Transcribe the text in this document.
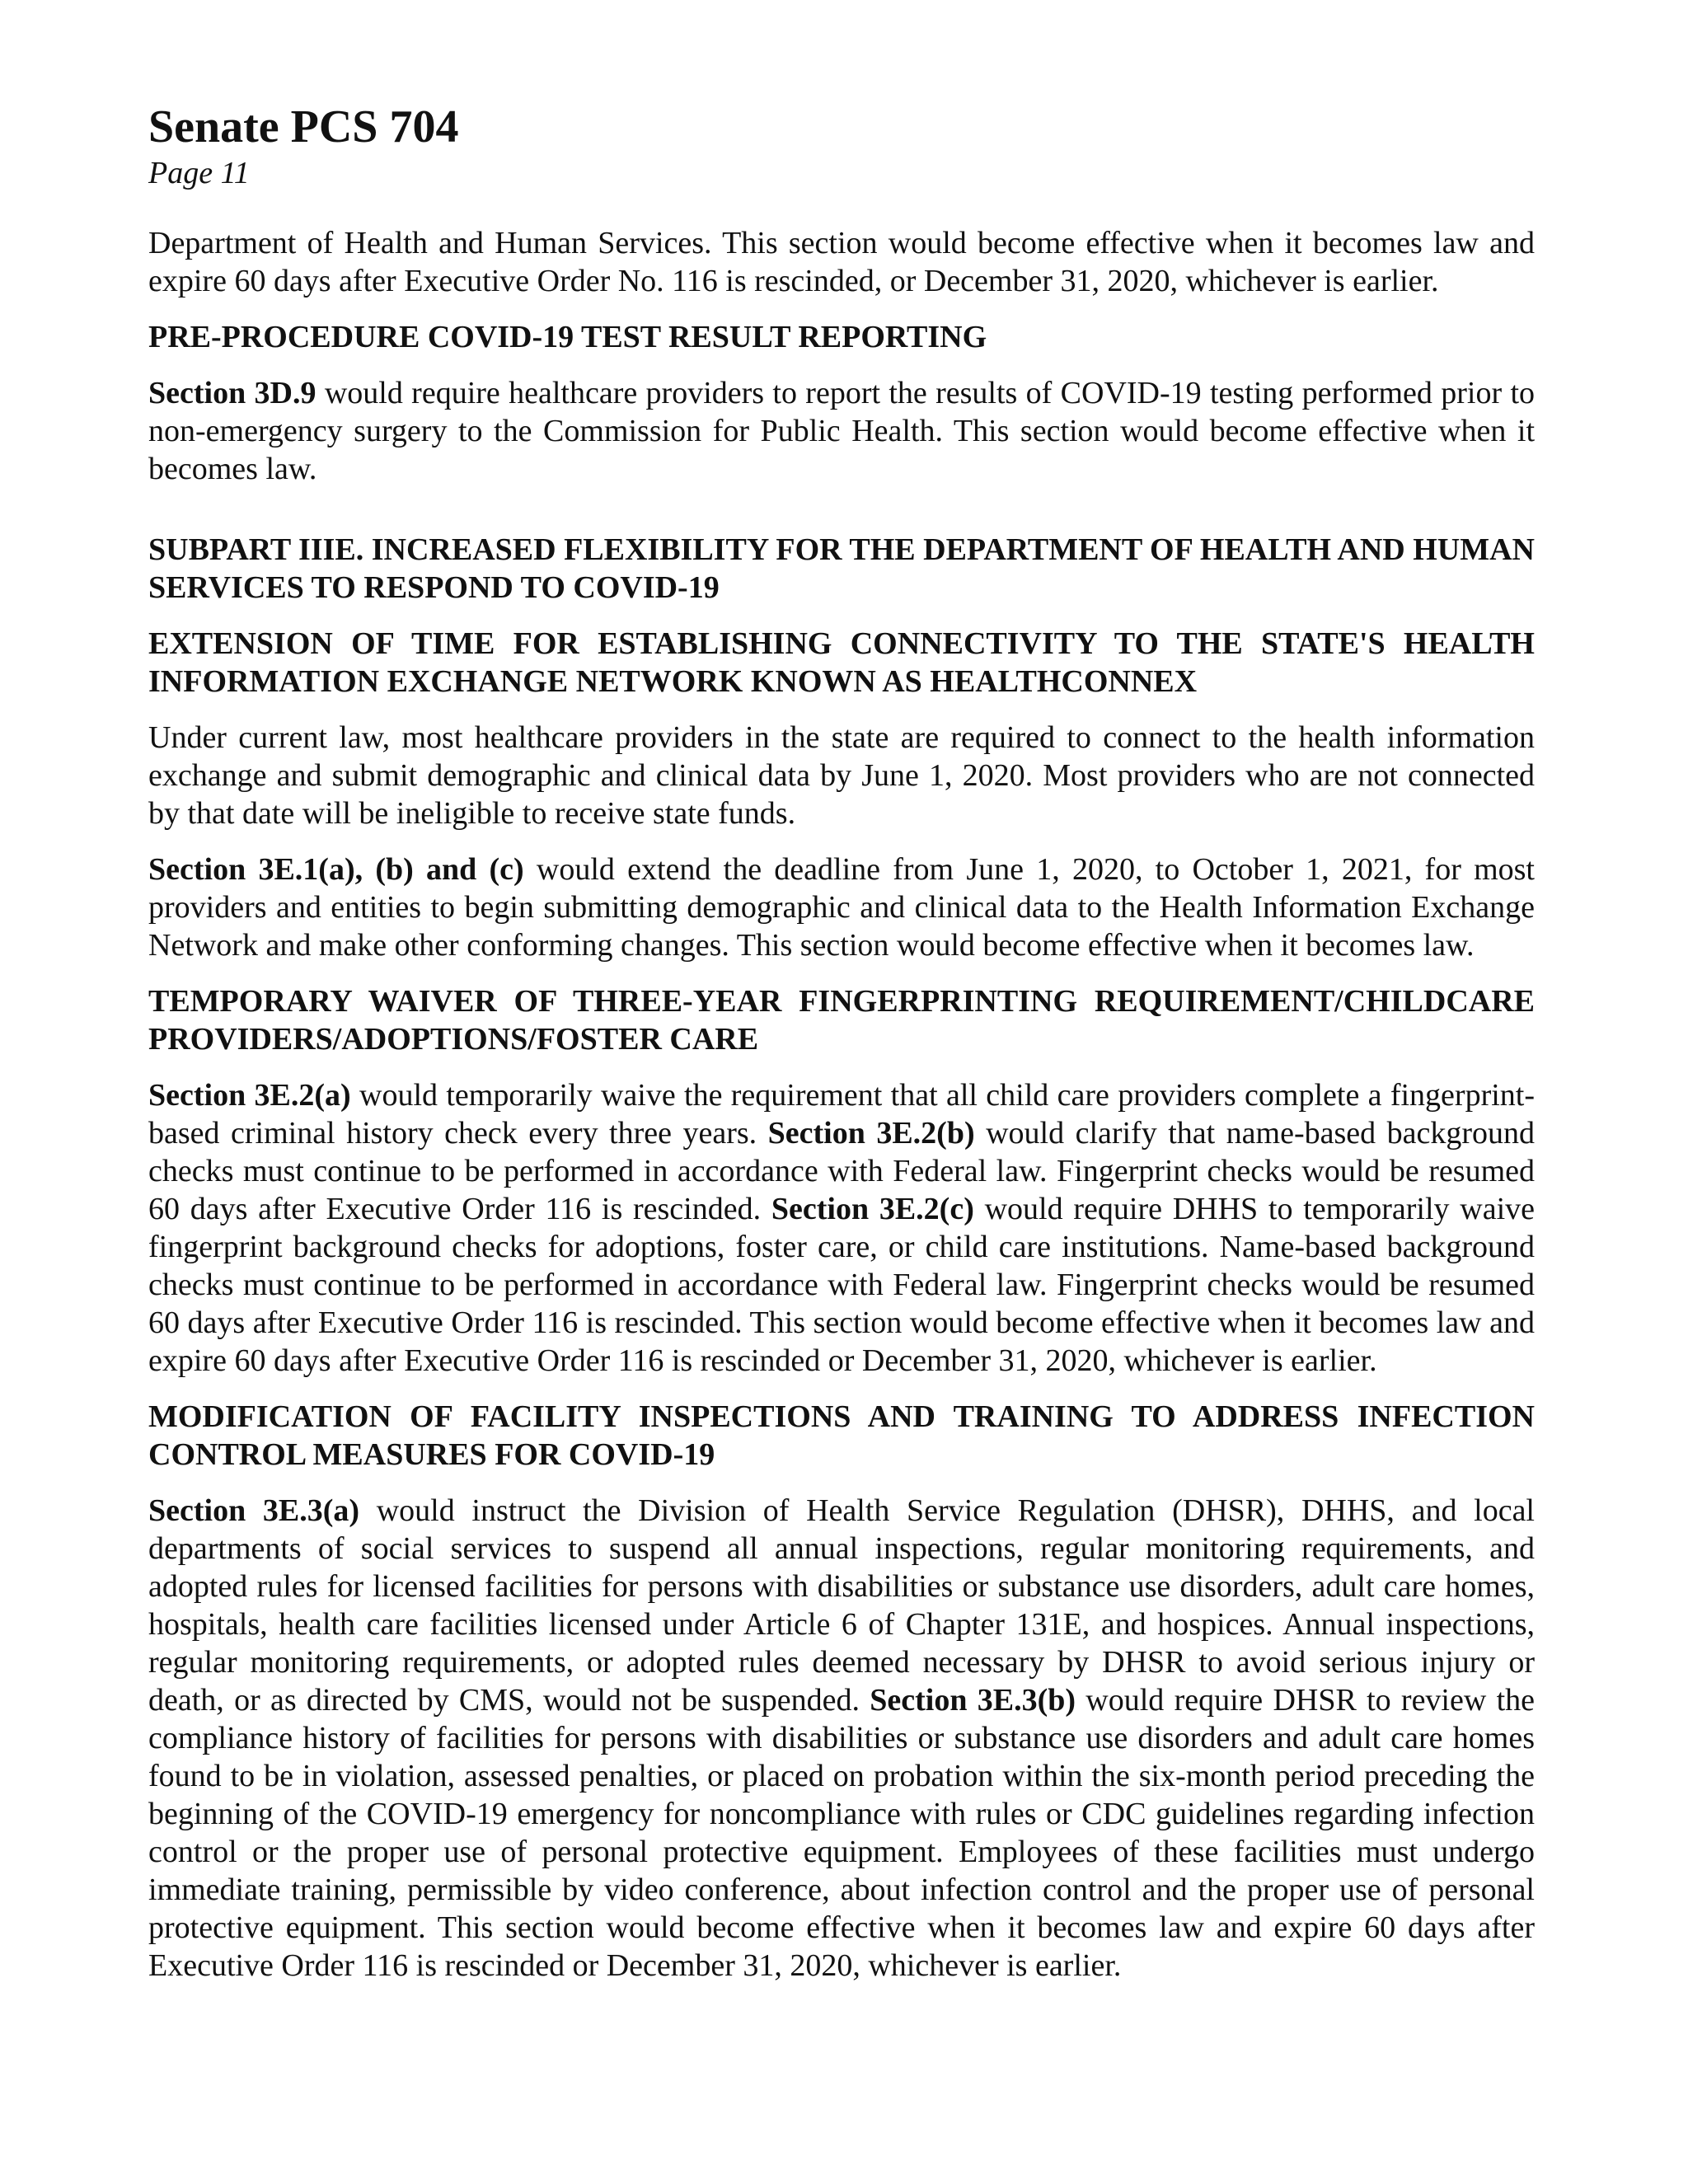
Senate PCS 704
Page 11

Department of Health and Human Services. This section would become effective when it becomes law and expire 60 days after Executive Order No. 116 is rescinded, or December 31, 2020, whichever is earlier.

PRE-PROCEDURE COVID-19 TEST RESULT REPORTING

Section 3D.9 would require healthcare providers to report the results of COVID-19 testing performed prior to non-emergency surgery to the Commission for Public Health. This section would become effective when it becomes law.

SUBPART IIIE. INCREASED FLEXIBILITY FOR THE DEPARTMENT OF HEALTH AND HUMAN SERVICES TO RESPOND TO COVID-19
EXTENSION OF TIME FOR ESTABLISHING CONNECTIVITY TO THE STATE'S HEALTH INFORMATION EXCHANGE NETWORK KNOWN AS HEALTHCONNEX

Under current law, most healthcare providers in the state are required to connect to the health information exchange and submit demographic and clinical data by June 1, 2020. Most providers who are not connected by that date will be ineligible to receive state funds.

Section 3E.1(a), (b) and (c) would extend the deadline from June 1, 2020, to October 1, 2021, for most providers and entities to begin submitting demographic and clinical data to the Health Information Exchange Network and make other conforming changes. This section would become effective when it becomes law.

TEMPORARY WAIVER OF THREE-YEAR FINGERPRINTING REQUIREMENT/CHILDCARE PROVIDERS/ADOPTIONS/FOSTER CARE

Section 3E.2(a) would temporarily waive the requirement that all child care providers complete a fingerprint-based criminal history check every three years. Section 3E.2(b) would clarify that name-based background checks must continue to be performed in accordance with Federal law. Fingerprint checks would be resumed 60 days after Executive Order 116 is rescinded. Section 3E.2(c) would require DHHS to temporarily waive fingerprint background checks for adoptions, foster care, or child care institutions. Name-based background checks must continue to be performed in accordance with Federal law. Fingerprint checks would be resumed 60 days after Executive Order 116 is rescinded. This section would become effective when it becomes law and expire 60 days after Executive Order 116 is rescinded or December 31, 2020, whichever is earlier.

MODIFICATION OF FACILITY INSPECTIONS AND TRAINING TO ADDRESS INFECTION CONTROL MEASURES FOR COVID-19

Section 3E.3(a) would instruct the Division of Health Service Regulation (DHSR), DHHS, and local departments of social services to suspend all annual inspections, regular monitoring requirements, and adopted rules for licensed facilities for persons with disabilities or substance use disorders, adult care homes, hospitals, health care facilities licensed under Article 6 of Chapter 131E, and hospices. Annual inspections, regular monitoring requirements, or adopted rules deemed necessary by DHSR to avoid serious injury or death, or as directed by CMS, would not be suspended. Section 3E.3(b) would require DHSR to review the compliance history of facilities for persons with disabilities or substance use disorders and adult care homes found to be in violation, assessed penalties, or placed on probation within the six-month period preceding the beginning of the COVID-19 emergency for noncompliance with rules or CDC guidelines regarding infection control or the proper use of personal protective equipment. Employees of these facilities must undergo immediate training, permissible by video conference, about infection control and the proper use of personal protective equipment. This section would become effective when it becomes law and expire 60 days after Executive Order 116 is rescinded or December 31, 2020, whichever is earlier.
